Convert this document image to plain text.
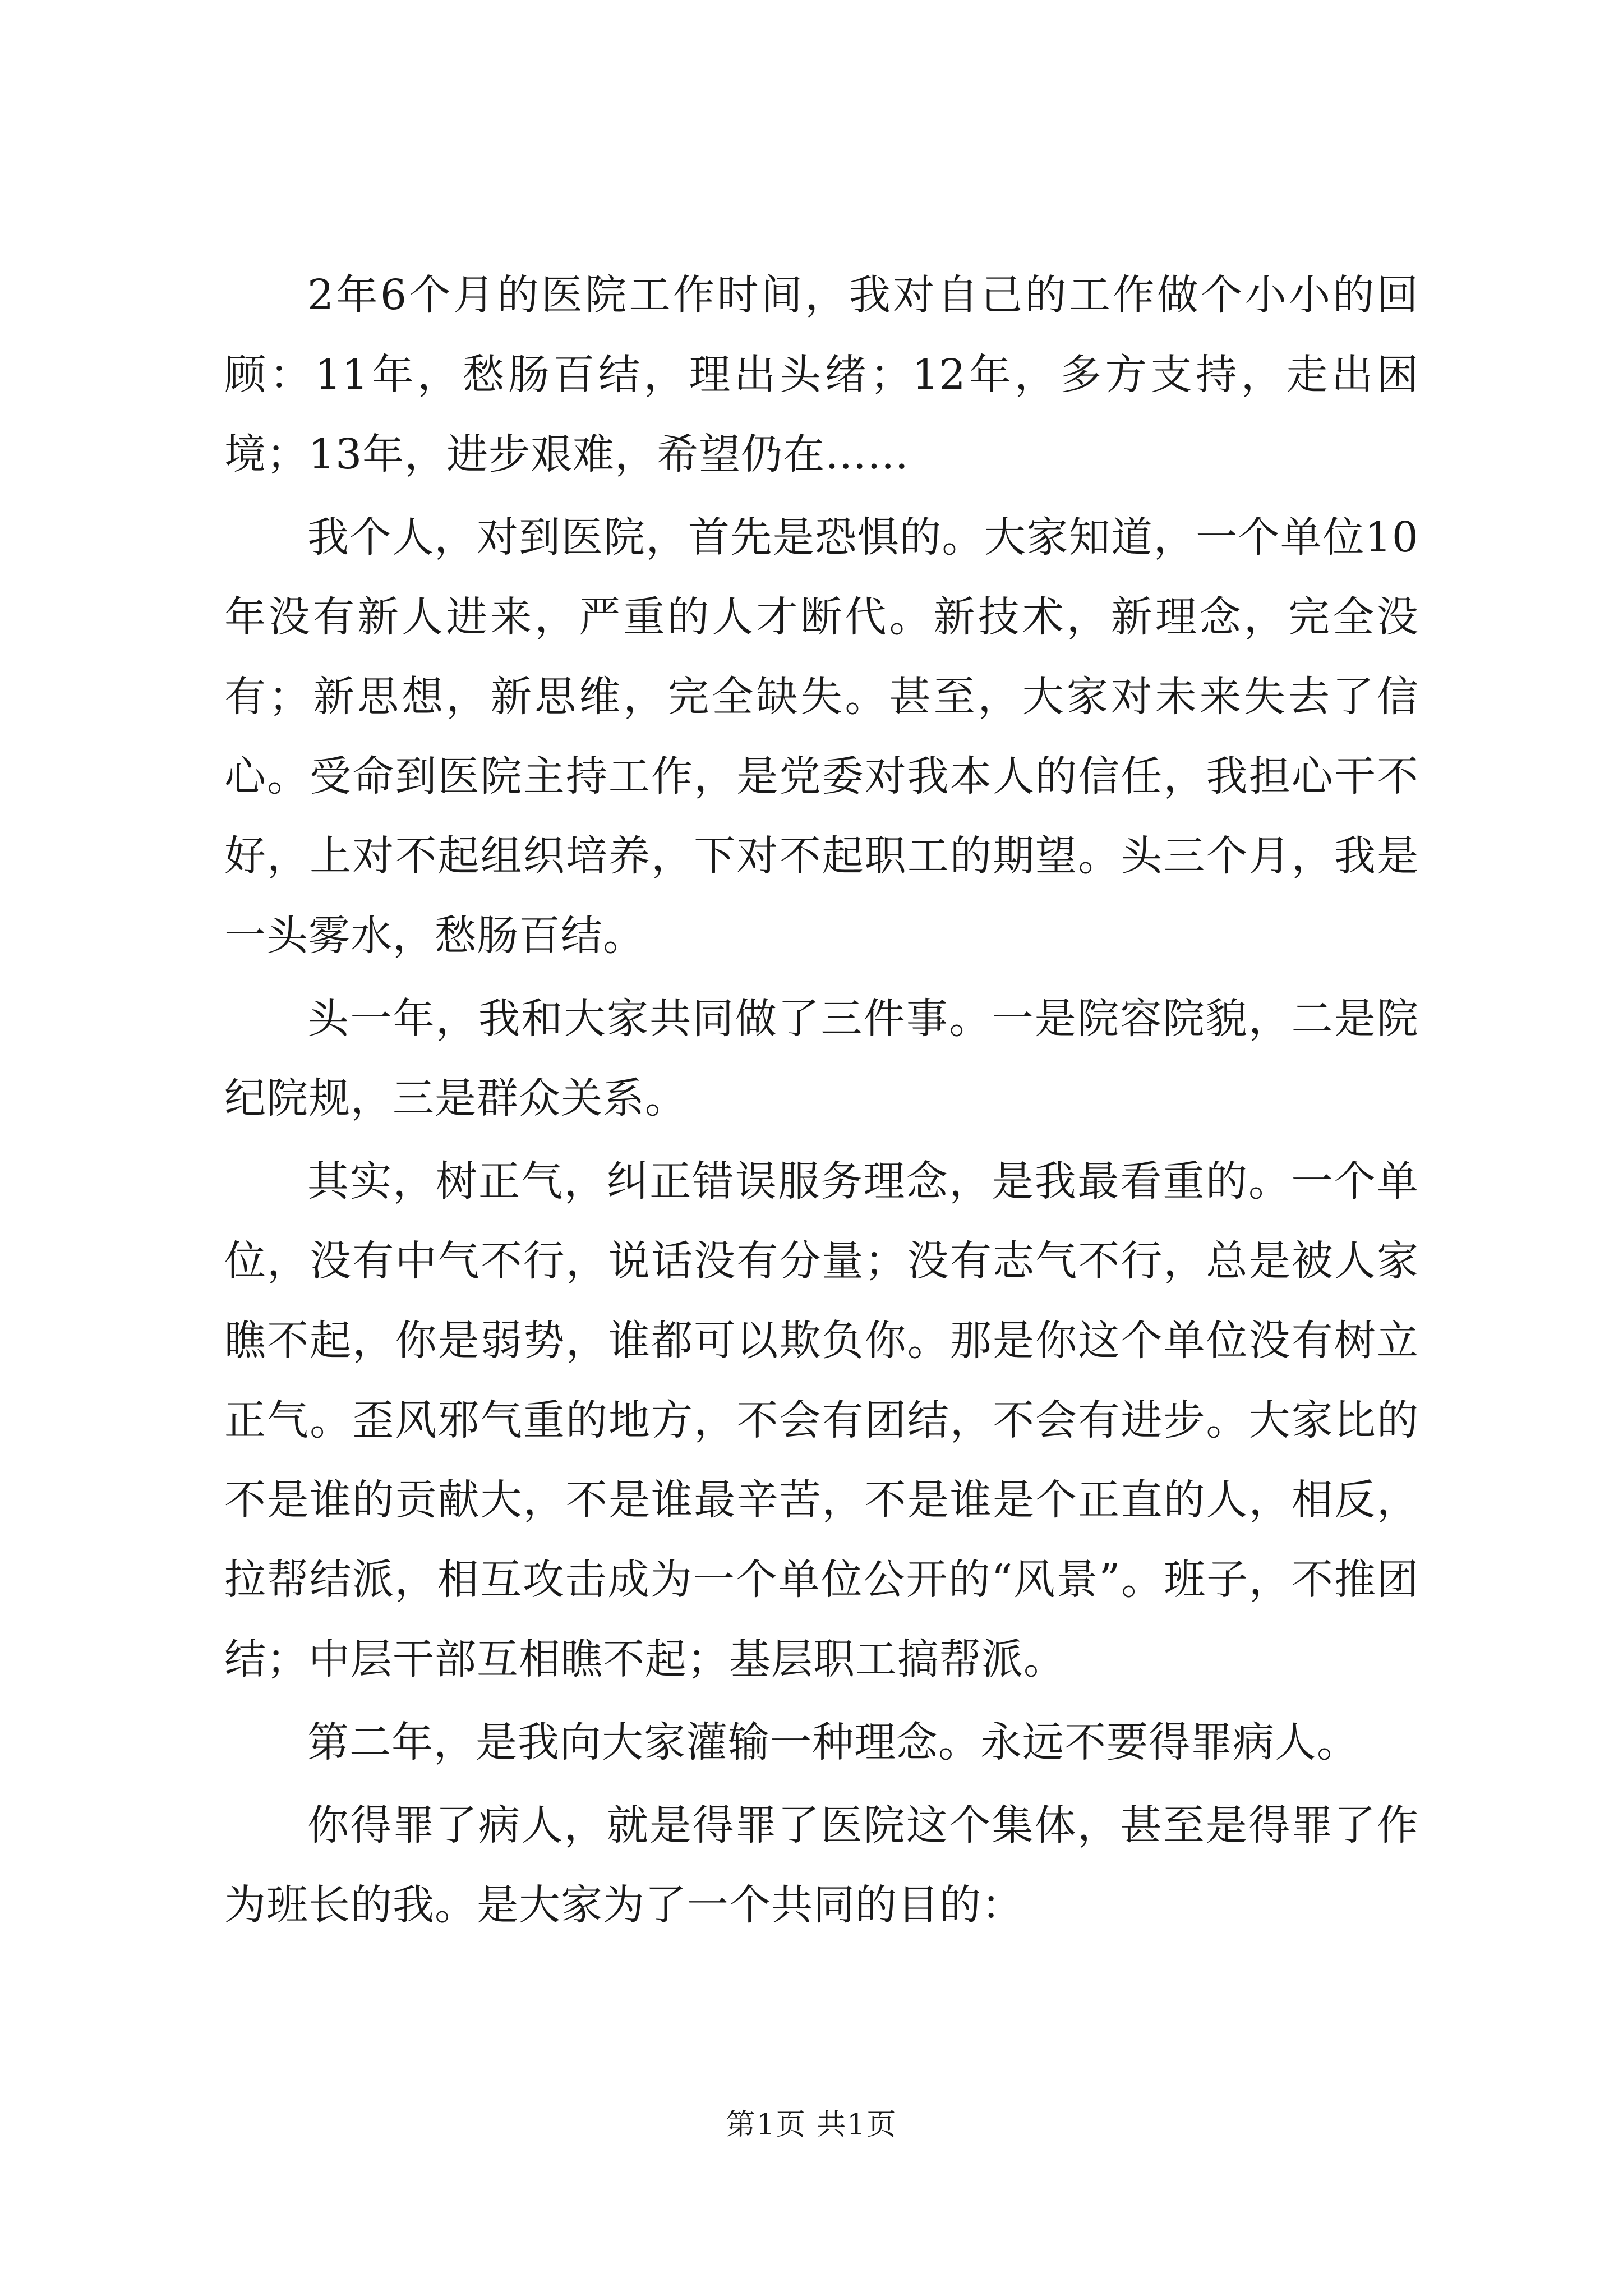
2年6个月的医院工作时间，我对自己的工作做个小小的回顾：11年，愁肠百结，理出头绪；12年，多方支持，走出困境；13年，进步艰难，希望仍在……

我个人，对到医院，首先是恐惧的。大家知道，一个单位10年没有新人进来，严重的人才断代。新技术，新理念，完全没有；新思想，新思维，完全缺失。甚至，大家对未来失去了信心。受命到医院主持工作，是党委对我本人的信任，我担心干不好，上对不起组织培养，下对不起职工的期望。头三个月，我是一头雾水，愁肠百结。

头一年，我和大家共同做了三件事。一是院容院貌，二是院纪院规，三是群众关系。

其实，树正气，纠正错误服务理念，是我最看重的。一个单位，没有中气不行，说话没有分量；没有志气不行，总是被人家瞧不起，你是弱势，谁都可以欺负你。那是你这个单位没有树立正气。歪风邪气重的地方，不会有团结，不会有进步。大家比的不是谁的贡献大，不是谁最辛苦，不是谁是个正直的人，相反，拉帮结派，相互攻击成为一个单位公开的“风景”。班子，不推团结；中层干部互相瞧不起；基层职工搞帮派。

第二年，是我向大家灌输一种理念。永远不要得罪病人。

你得罪了病人，就是得罪了医院这个集体，甚至是得罪了作为班长的我。是大家为了一个共同的目的：

第1页 共1页
